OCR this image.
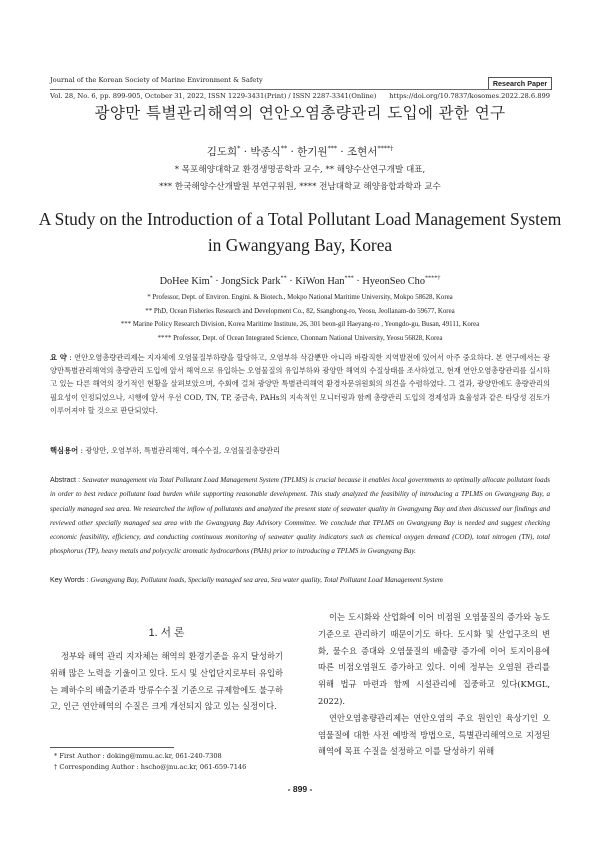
Journal of the Korean Society of Marine Environment & Safety	Research Paper
Vol. 28, No. 6, pp. 899-905, October 31, 2022, ISSN 1229-3431(Print) / ISSN 2287-3341(Online) https://doi.org/10.7837/kosomes.2022.28.6.899
광양만 특별관리해역의 연안오염총량관리 도입에 관한 연구
김도희* · 박종식** · 한기원*** · 조현서****†
* 목포해양대학교 환경생명공학과 교수, ** 해양수산연구개발 대표,
*** 한국해양수산개발원 부연구위원, **** 전남대학교 해양융합과학과 교수
A Study on the Introduction of a Total Pollutant Load Management System
in Gwangyang Bay, Korea
DoHee Kim* · JongSick Park** · KiWon Han*** · HyeonSeo Cho****†
* Professor, Dept. of Environ. Engini. & Biotech., Mokpo National Maritime University, Mokpo 58628, Korea
** PhD, Ocean Fisheries Research and Development Co., 82, Ssangbong-ro, Yeosu, Jeollanam-do 59677, Korea
*** Marine Policy Research Division, Korea Maritime Institute, 26, 301 beon-gil Haeyang-ro , Yeongdo-gu, Busan, 49111, Korea
**** Professor, Dept. of Ocean Integrated Science, Chonnam National University, Yeosu 56828, Korea
요 약 : 연안오염총량관리제는 지자체에 오염물질부하량을 할당하고, 오염부하 삭감뿐만 아니라 바람직한 지역발전에 있어서 아주 중요하다. 본 연구에서는 광양만특별관리해역의 총량관리 도입에 앞서 해역으로 유입하는 오염물질의 유입부하와 광양만 해역의 수질상태를 조사하였고, 현재 연안오염총량관리를 실시하고 있는 다른 해역의 장기적인 현황을 살펴보았으며, 수회에 걸쳐 광양만 특별관리해역 환경자문위원회의 의견을 수렴하였다. 그 결과, 광양만에도 총량관리의 필요성이 인정되었으나, 시행에 앞서 우선 COD, TN, TP, 중금속, PAHs의 지속적인 모니터링과 함께 총량관리 도입의 경제성과 효율성과 같은 타당성 검토가 이루어져야 할 것으로 판단되었다.
핵심용어 : 광양만, 오염부하, 특별관리해역, 해수수질, 오염물질총량관리
Abstract : Seawater management via Total Pollutant Load Management System (TPLMS) is crucial because it enables local governments to optimally allocate pollutant loads in order to best reduce pollutant load burden while supporting reasonable development. This study analyzed the feasibility of introducing a TPLMS on Gwangyang Bay, a specially managed sea area. We researched the inflow of pollutants and analyzed the present state of seawater quality in Gwangyang Bay and then discussed our findings and reviewed other specially managed sea area with the Gwangyang Bay Advisory Committee. We conclude that TPLMS on Gwangyang Bay is needed and suggest checking economic feasibility, efficiency, and conducting continuous monitoring of seawater quality indicators such as chemical oxygen demand (COD), total nitrogen (TN), total phosphorus (TP), heavy metals and polycyclic aromatic hydrocarbons (PAHs) prior to introducing a TPLMS in Gwangyang Bay.
Key Words : Gwangyang Bay, Pollutant loads, Specially managed sea area, Sea water quality, Total Pollutant Load Management System
1. 서 론

정부와 해역 관리 지자체는 해역의 환경기준을 유지 달성하기 위해 많은 노력을 기울이고 있다. 도시 및 산업단지로부터 유입하는 폐하수의 배출기준과 방류수수질 기준으로 규제함에도 불구하고, 인근 연안해역의 수질은 크게 개선되지 않고 있는 실정이다.

이는 도시화와 산업화에 이어 비점원 오염물질의 증가와 농도기준으로 관리하기 때문이기도 하다. 도시화 및 산업구조의 변화, 물수요 증대와 오염물질의 배출량 증가에 이어 토지이용에 따른 비점오염원도 증가하고 있다. 이에 정부는 오염원 관리를 위해 법규 마련과 함께 시설관리에 집중하고 있다(KMGL, 2022).

연안오염총량관리제는 연안오염의 주요 원인인 육상기인 오염물질에 대한 사전 예방적 방법으로, 특별관리해역으로 지정된 해역에 목표 수질을 설정하고 이를 달성하기 위해

* First Author : doking@mmu.ac.kr, 061-240-7308
† Corresponding Author : hscho@jnu.ac.kr, 061-659-7146
- 899 -
